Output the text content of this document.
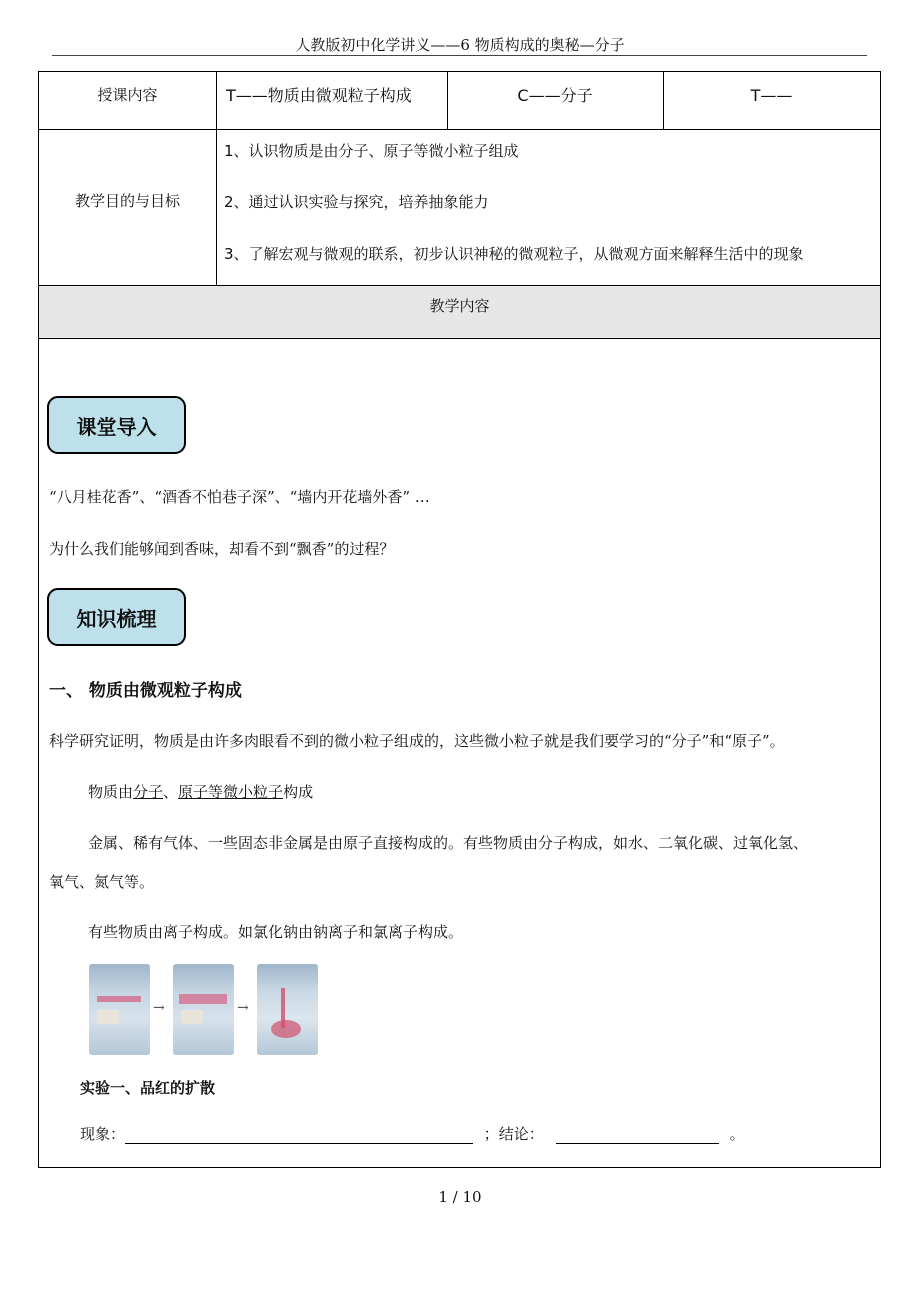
人教版初中化学讲义——6 物质构成的奥秘—分子
授课内容	T——物质由微观粒子构成	C——分子	T——
教学目的与目标
1、认识物质是由分子、原子等微小粒子组成
2、通过认识实验与探究，培养抽象能力
3、了解宏观与微观的联系，初步认识神秘的微观粒子，从微观方面来解释生活中的现象
教学内容
课堂导入
“八月桂花香”、“酒香不怕巷子深”、“墙内开花墙外香” …
为什么我们能够闻到香味，却看不到“飘香”的过程？
知识梳理
一、 物质由微观粒子构成
科学研究证明，物质是由许多肉眼看不到的微小粒子组成的，这些微小粒子就是我们要学习的“分子”和“原子”。
物质由分子、原子等微小粒子构成
金属、稀有气体、一些固态非金属是由原子直接构成的。有些物质由分子构成，如水、二氧化碳、过氧化氢、
氧气、氮气等。
有些物质由离子构成。如氯化钠由钠离子和氯离子构成。
→	→
实验一、品红的扩散
现象：	；结论：	。
1 / 10
